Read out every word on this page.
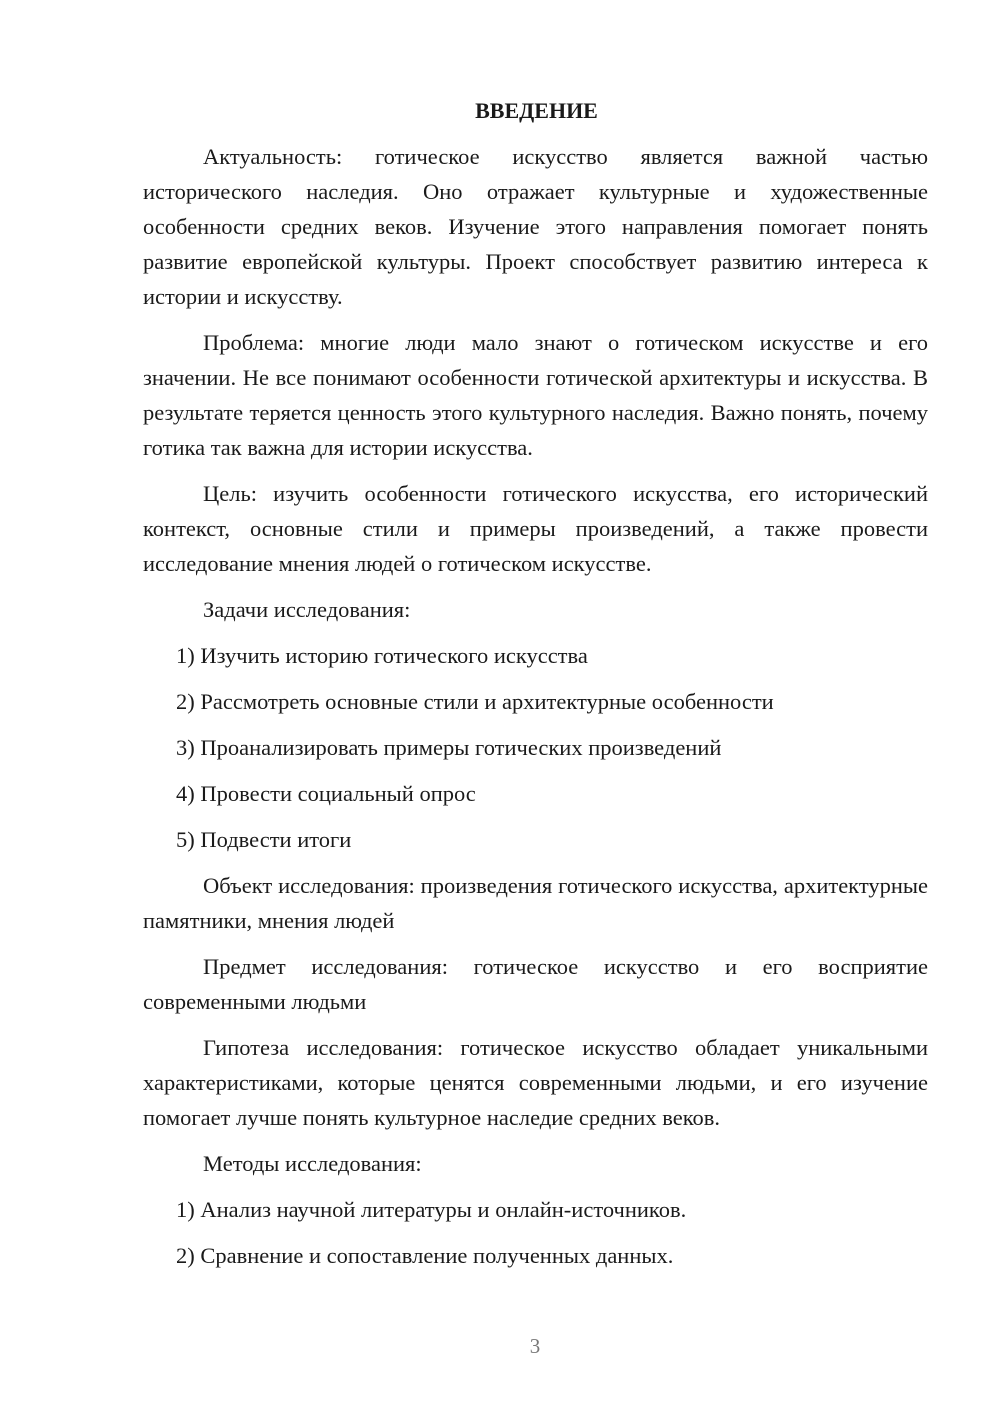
ВВЕДЕНИЕ

Актуальность: готическое искусство является важной частью исторического наследия. Оно отражает культурные и художественные особенности средних веков. Изучение этого направления помогает понять развитие европейской культуры. Проект способствует развитию интереса к истории и искусству.

Проблема: многие люди мало знают о готическом искусстве и его значении. Не все понимают особенности готической архитектуры и искусства. В результате теряется ценность этого культурного наследия. Важно понять, почему готика так важна для истории искусства.

Цель: изучить особенности готического искусства, его исторический контекст, основные стили и примеры произведений, а также провести исследование мнения людей о готическом искусстве.

Задачи исследования:

1) Изучить историю готического искусства

2) Рассмотреть основные стили и архитектурные особенности

3) Проанализировать примеры готических произведений

4) Провести социальный опрос

5) Подвести итоги

Объект исследования: произведения готического искусства, архитектурные памятники, мнения людей

Предмет исследования: готическое искусство и его восприятие современными людьми

Гипотеза исследования: готическое искусство обладает уникальными характеристиками, которые ценятся современными людьми, и его изучение помогает лучше понять культурное наследие средних веков.

Методы исследования:

1) Анализ научной литературы и онлайн-источников.

2) Сравнение и сопоставление полученных данных.

3
